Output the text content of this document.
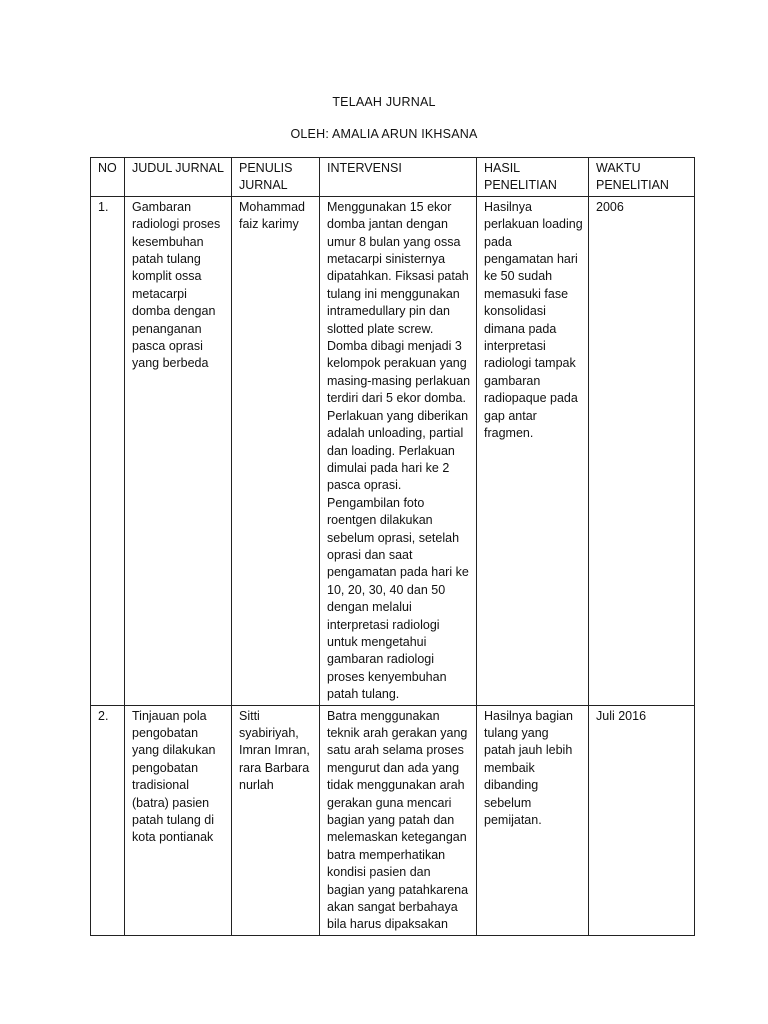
TELAAH JURNAL
OLEH: AMALIA ARUN IKHSANA
NO	JUDUL JURNAL	PENULIS JURNAL	INTERVENSI	HASIL PENELITIAN	WAKTU PENELITIAN
1.	Gambaran radiologi proses kesembuhan patah tulang komplit ossa metacarpi domba dengan penanganan pasca oprasi yang berbeda	Mohammad faiz karimy	Menggunakan 15 ekor domba jantan dengan umur 8 bulan yang ossa metacarpi sinisternya dipatahkan. Fiksasi patah tulang ini menggunakan intramedullary pin dan slotted plate screw. Domba dibagi menjadi 3 kelompok perakuan yang masing-masing perlakuan terdiri dari 5 ekor domba. Perlakuan yang diberikan adalah unloading, partial dan loading. Perlakuan dimulai pada hari ke 2 pasca oprasi. Pengambilan foto roentgen dilakukan sebelum oprasi, setelah oprasi dan saat pengamatan pada hari ke 10, 20, 30, 40 dan 50 dengan melalui interpretasi radiologi untuk mengetahui gambaran radiologi proses kenyembuhan patah tulang.	Hasilnya perlakuan loading pada pengamatan hari ke 50 sudah memasuki fase konsolidasi dimana pada interpretasi radiologi tampak gambaran radiopaque pada gap antar fragmen.	2006
2.	Tinjauan pola pengobatan yang dilakukan pengobatan tradisional (batra) pasien patah tulang di kota pontianak	Sitti syabiriyah, Imran Imran, rara Barbara nurlah	Batra menggunakan teknik arah gerakan yang satu arah selama proses mengurut dan ada yang tidak menggunakan arah gerakan guna mencari bagian yang patah dan melemaskan ketegangan batra memperhatikan kondisi pasien dan bagian yang patahkarena akan sangat berbahaya bila harus dipaksakan	Hasilnya bagian tulang yang patah jauh lebih membaik dibanding sebelum pemijatan.	Juli 2016
